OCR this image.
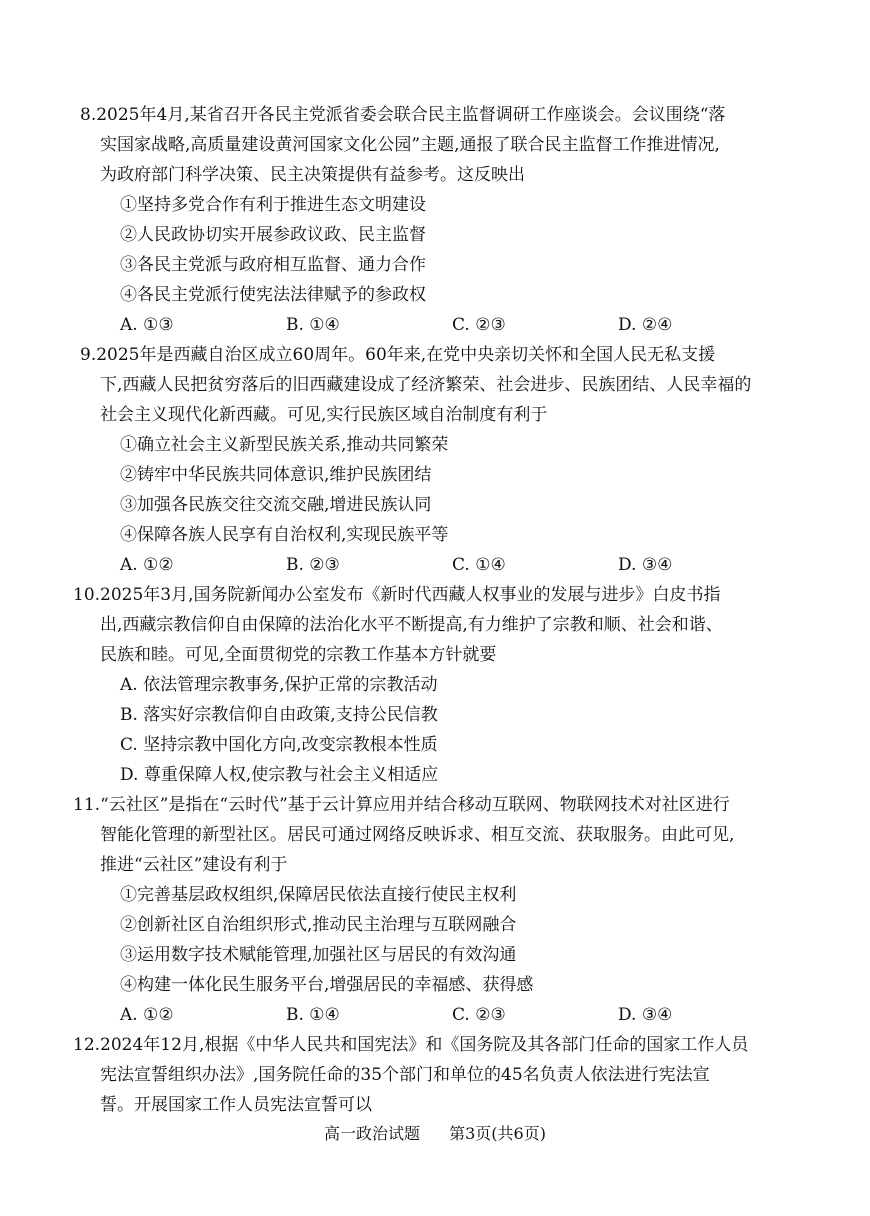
8.2025年4月,某省召开各民主党派省委会联合民主监督调研工作座谈会。会议围绕“落

实国家战略,高质量建设黄河国家文化公园”主题,通报了联合民主监督工作推进情况,

为政府部门科学决策、民主决策提供有益参考。这反映出

①坚持多党合作有利于推进生态文明建设

②人民政协切实开展参政议政、民主监督

③各民主党派与政府相互监督、通力合作

④各民主党派行使宪法法律赋予的参政权

A. ①③	B. ①④	C. ②③	D. ②④

9.2025年是西藏自治区成立60周年。60年来,在党中央亲切关怀和全国人民无私支援

下,西藏人民把贫穷落后的旧西藏建设成了经济繁荣、社会进步、民族团结、人民幸福的

社会主义现代化新西藏。可见,实行民族区域自治制度有利于

①确立社会主义新型民族关系,推动共同繁荣

②铸牢中华民族共同体意识,维护民族团结

③加强各民族交往交流交融,增进民族认同

④保障各族人民享有自治权利,实现民族平等

A. ①②	B. ②③	C. ①④	D. ③④

10.2025年3月,国务院新闻办公室发布《新时代西藏人权事业的发展与进步》白皮书指

出,西藏宗教信仰自由保障的法治化水平不断提高,有力维护了宗教和顺、社会和谐、

民族和睦。可见,全面贯彻党的宗教工作基本方针就要

A. 依法管理宗教事务,保护正常的宗教活动

B. 落实好宗教信仰自由政策,支持公民信教

C. 坚持宗教中国化方向,改变宗教根本性质

D. 尊重保障人权,使宗教与社会主义相适应

11.“云社区”是指在“云时代”基于云计算应用并结合移动互联网、物联网技术对社区进行

智能化管理的新型社区。居民可通过网络反映诉求、相互交流、获取服务。由此可见,

推进“云社区”建设有利于

①完善基层政权组织,保障居民依法直接行使民主权利

②创新社区自治组织形式,推动民主治理与互联网融合

③运用数字技术赋能管理,加强社区与居民的有效沟通

④构建一体化民生服务平台,增强居民的幸福感、获得感

A. ①②	B. ①④	C. ②③	D. ③④

12.2024年12月,根据《中华人民共和国宪法》和《国务院及其各部门任命的国家工作人员

宪法宣誓组织办法》,国务院任命的35个部门和单位的45名负责人依法进行宪法宣

誓。开展国家工作人员宪法宣誓可以

高一政治试题 第3页(共6页)
